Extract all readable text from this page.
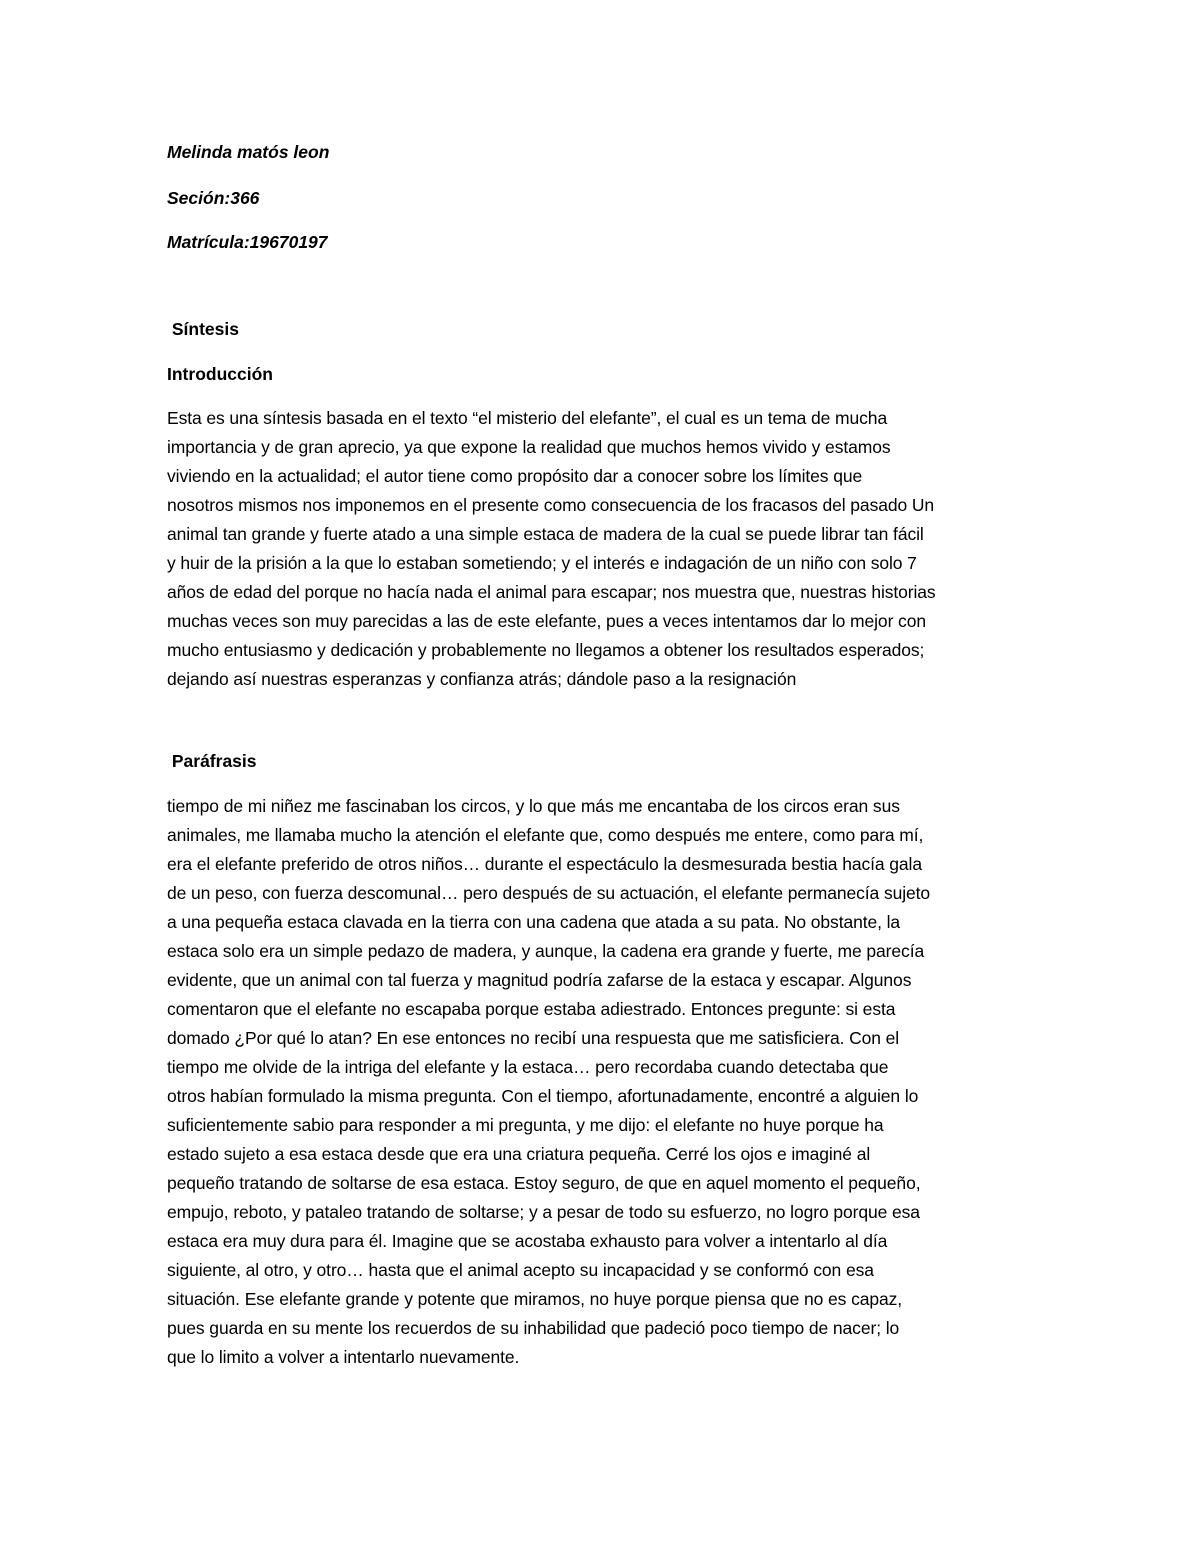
Melinda matós leon

Seción:366

Matrícula:19670197

Síntesis

Introducción

Esta es una síntesis basada en el texto “el misterio del elefante”, el cual es un tema de mucha
importancia y de gran aprecio, ya que expone la realidad que muchos hemos vivido y estamos
viviendo en la actualidad; el autor tiene como propósito dar a conocer sobre los límites que
nosotros mismos nos imponemos en el presente como consecuencia de los fracasos del pasado Un
animal tan grande y fuerte atado a una simple estaca de madera de la cual se puede librar tan fácil
y huir de la prisión a la que lo estaban sometiendo; y el interés e indagación de un niño con solo 7
años de edad del porque no hacía nada el animal para escapar; nos muestra que, nuestras historias
muchas veces son muy parecidas a las de este elefante, pues a veces intentamos dar lo mejor con
mucho entusiasmo y dedicación y probablemente no llegamos a obtener los resultados esperados;
dejando así nuestras esperanzas y confianza atrás; dándole paso a la resignación

Paráfrasis

tiempo de mi niñez me fascinaban los circos, y lo que más me encantaba de los circos eran sus
animales, me llamaba mucho la atención el elefante que, como después me entere, como para mí,
era el elefante preferido de otros niños… durante el espectáculo la desmesurada bestia hacía gala
de un peso, con fuerza descomunal… pero después de su actuación, el elefante permanecía sujeto
a una pequeña estaca clavada en la tierra con una cadena que atada a su pata. No obstante, la
estaca solo era un simple pedazo de madera, y aunque, la cadena era grande y fuerte, me parecía
evidente, que un animal con tal fuerza y magnitud podría zafarse de la estaca y escapar. Algunos
comentaron que el elefante no escapaba porque estaba adiestrado. Entonces pregunte: si esta
domado ¿Por qué lo atan? En ese entonces no recibí una respuesta que me satisficiera. Con el
tiempo me olvide de la intriga del elefante y la estaca… pero recordaba cuando detectaba que
otros habían formulado la misma pregunta. Con el tiempo, afortunadamente, encontré a alguien lo
suficientemente sabio para responder a mi pregunta, y me dijo: el elefante no huye porque ha
estado sujeto a esa estaca desde que era una criatura pequeña. Cerré los ojos e imaginé al
pequeño tratando de soltarse de esa estaca. Estoy seguro, de que en aquel momento el pequeño,
empujo, reboto, y pataleo tratando de soltarse; y a pesar de todo su esfuerzo, no logro porque esa
estaca era muy dura para él. Imagine que se acostaba exhausto para volver a intentarlo al día
siguiente, al otro, y otro… hasta que el animal acepto su incapacidad y se conformó con esa
situación. Ese elefante grande y potente que miramos, no huye porque piensa que no es capaz,
pues guarda en su mente los recuerdos de su inhabilidad que padeció poco tiempo de nacer; lo
que lo limito a volver a intentarlo nuevamente.
